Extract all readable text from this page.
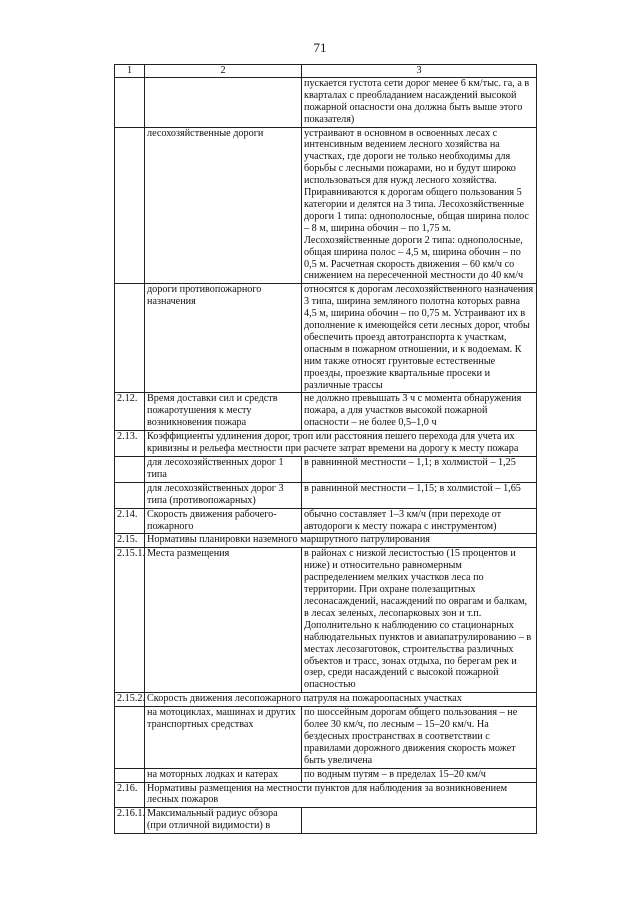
71
1	2	3
		пускается густота сети дорог менее 6 км/тыс. га, а в кварталах с преобладанием насаждений высокой пожарной опасности она должна быть выше этого показателя)
	лесохозяйственные дороги	устраивают в основном в освоенных лесах с интенсивным ведением лесного хозяйства на участках, где дороги не только необходимы для борьбы с лесными пожарами, но и будут широко использоваться для нужд лесного хозяйства. Приравниваются к дорогам общего пользования 5 категории и делятся на 3 типа. Лесохозяйственные дороги 1 типа: однополосные, общая ширина полос – 8 м, ширина обочин – по 1,75 м. Лесохозяйственные дороги 2 типа: однополосные, общая ширина полос – 4,5 м, ширина обочин – по 0,5 м. Расчетная скорость движения – 60 км/ч со снижением на пересеченной местности до 40 км/ч
	дороги противопожарного назначения	относятся к дорогам лесохозяйственного назначения 3 типа, ширина земляного полотна которых равна 4,5 м, ширина обочин – по 0,75 м. Устраивают их в дополнение к имеющейся сети лесных дорог, чтобы обеспечить проезд автотранспорта к участкам, опасным в пожарном отношении, и к водоемам. К ним также относят грунтовые естественные проезды, проезжие квартальные просеки и различные трассы
2.12.	Время доставки сил и средств пожаротушения к месту возникновения пожара	не должно превышать 3 ч с момента обнаружения пожара, а для участков высокой пожарной опасности – не более 0,5–1,0 ч
2.13.	Коэффициенты удлинения дорог, троп или расстояния пешего перехода для учета их кривизны и рельефа местности при расчете затрат времени на дорогу к месту пожара	
	для лесохозяйственных дорог 1 типа	в равнинной местности – 1,1; в холмистой – 1,25
	для лесохозяйственных дорог 3 типа (противопожарных)	в равнинной местности – 1,15; в холмистой – 1,65
2.14.	Скорость движения рабочего-пожарного	обычно составляет 1–3 км/ч (при переходе от автодороги к месту пожара с инструментом)
2.15.	Нормативы планировки наземного маршрутного патрулирования	
2.15.1.	Места размещения	в районах с низкой лесистостью (15 процентов и ниже) и относительно равномерным распределением мелких участков леса по территории. При охране полезащитных лесонасаждений, насаждений по оврагам и балкам, в лесах зеленых, лесопарковых зон и т.п. Дополнительно к наблюдению со стационарных наблюдательных пунктов и авиапатрулированию – в местах лесозаготовок, строительства различных объектов и трасс, зонах отдыха, по берегам рек и озер, среди насаждений с высокой пожарной опасностью
2.15.2.	Скорость движения лесопожарного патруля на пожароопасных участках	
	на мотоциклах, машинах и других транспортных средствах	по шоссейным дорогам общего пользования – не более 30 км/ч, по лесным – 15–20 км/ч. На бездесных пространствах в соответствии с правилами дорожного движения скорость может быть увеличена
	на моторных лодках и катерах	по водным путям – в пределах 15–20 км/ч
2.16.	Нормативы размещения на местности пунктов для наблюдения за возникновением лесных пожаров	
2.16.1.	Максимальный радиус обзора (при отличной видимости) в	
